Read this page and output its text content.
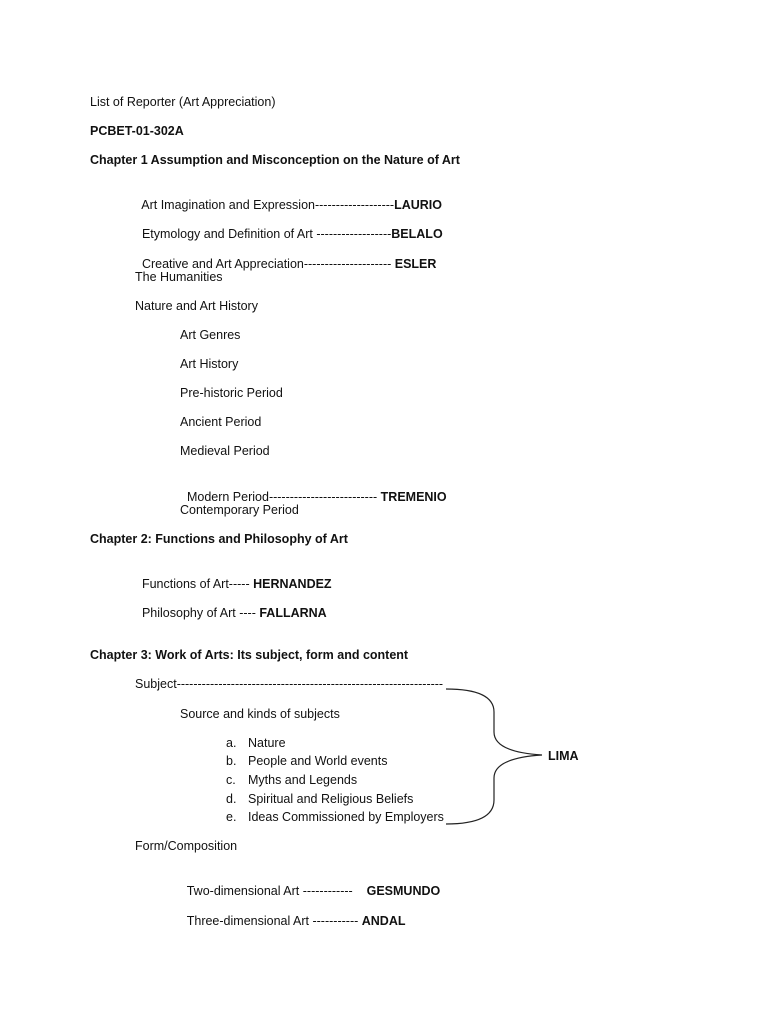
List of Reporter (Art Appreciation)
PCBET-01-302A
Chapter 1 Assumption and Misconception on the Nature of Art

Art Imagination and Expression-------------------LAURIO

Etymology and Definition of Art ------------------BELALO

Creative and Art Appreciation--------------------- ESLER

The Humanities
Nature and Art History
Art Genres
Art History
Pre-historic Period
Ancient Period
Medieval Period

Modern Period-------------------------- TREMENIO

Contemporary Period
Chapter 2: Functions and Philosophy of Art

Functions of Art----- HERNANDEZ

Philosophy of Art ---- FALLARNA

Chapter 3: Work of Arts: Its subject, form and content
Subject----------------------------------------------------------------
Source and kinds of subjects
a. Nature
b. People and World events
c. Myths and Legends
d. Spiritual and Religious Beliefs
e. Ideas Commissioned by Employers
LIMA
Form/Composition

Two-dimensional Art ------------    GESMUNDO

Three-dimensional Art ----------- ANDAL
